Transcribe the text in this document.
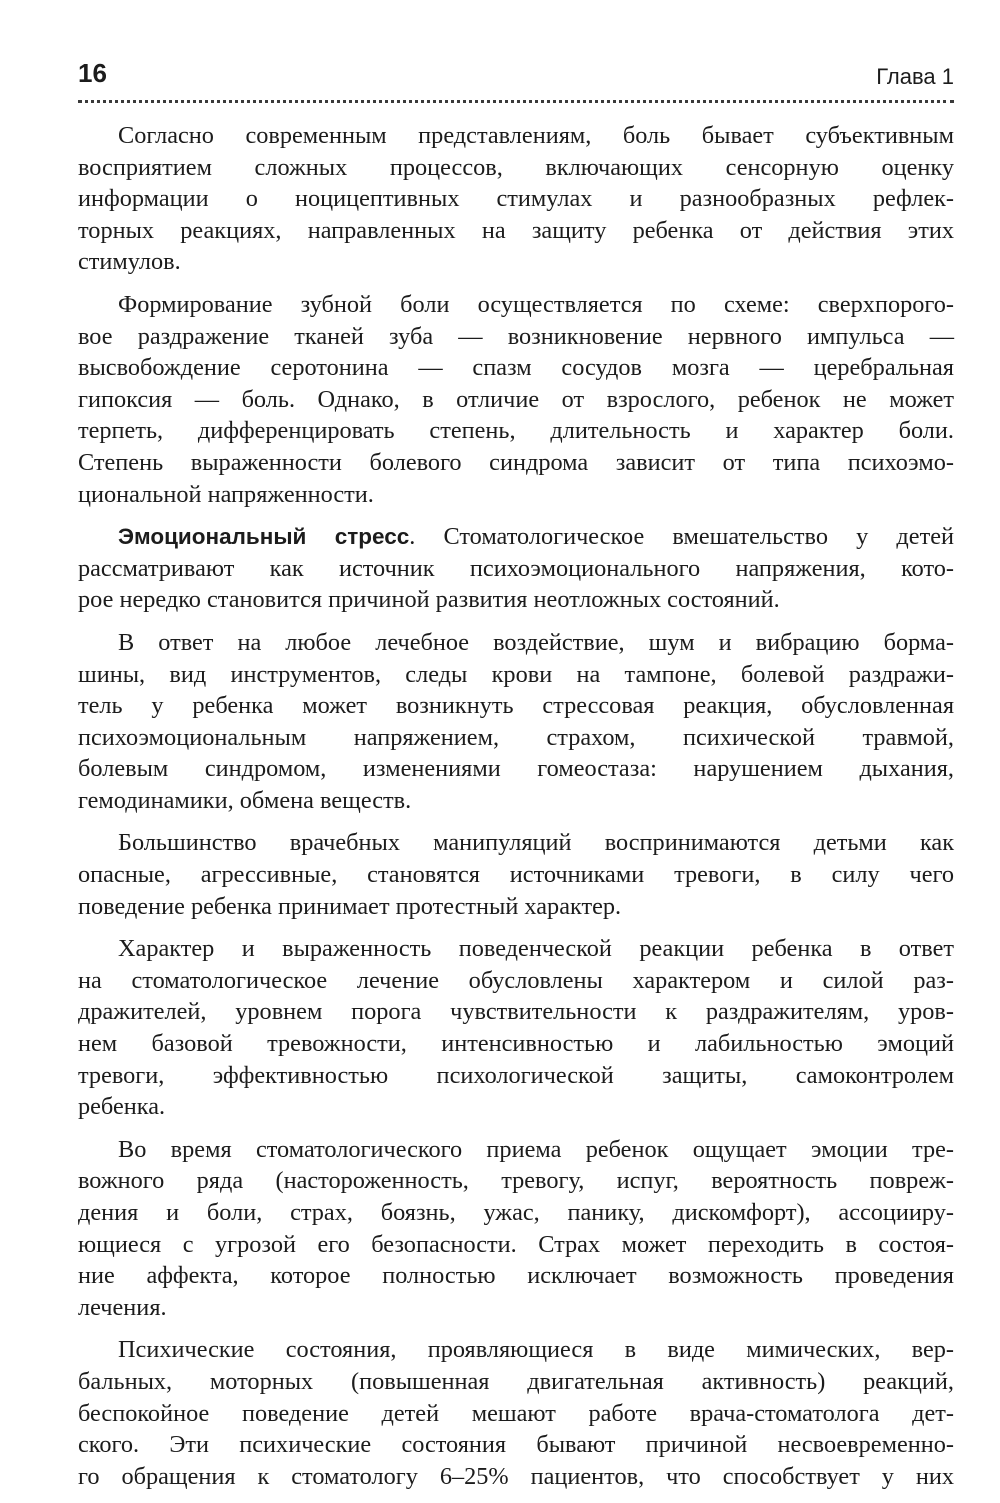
16	Глава 1
Согласно современным представлениям, боль бывает субъективным
восприятием сложных процессов, включающих сенсорную оценку
информации о ноцицептивных стимулах и разнообразных рефлек-
торных реакциях, направленных на защиту ребенка от действия этих
стимулов.
Формирование зубной боли осуществляется по схеме: сверхпорого-
вое раздражение тканей зуба — возникновение нервного импульса —
высвобождение серотонина — спазм сосудов мозга — церебральная
гипоксия — боль. Однако, в отличие от взрослого, ребенок не может
терпеть, дифференцировать степень, длительность и характер боли.
Степень выраженности болевого синдрома зависит от типа психоэмо-
циональной напряженности.
Эмоциональный стресс. Стоматологическое вмешательство у детей
рассматривают как источник психоэмоционального напряжения, кото-
рое нередко становится причиной развития неотложных состояний.
В ответ на любое лечебное воздействие, шум и вибрацию борма-
шины, вид инструментов, следы крови на тампоне, болевой раздражи-
тель у ребенка может возникнуть стрессовая реакция, обусловленная
психоэмоциональным напряжением, страхом, психической травмой,
болевым синдромом, изменениями гомеостаза: нарушением дыхания,
гемодинамики, обмена веществ.
Большинство врачебных манипуляций воспринимаются детьми как
опасные, агрессивные, становятся источниками тревоги, в силу чего
поведение ребенка принимает протестный характер.
Характер и выраженность поведенческой реакции ребенка в ответ
на стоматологическое лечение обусловлены характером и силой раз-
дражителей, уровнем порога чувствительности к раздражителям, уров-
нем базовой тревожности, интенсивностью и лабильностью эмоций
тревоги, эффективностью психологической защиты, самоконтролем
ребенка.
Во время стоматологического приема ребенок ощущает эмоции тре-
вожного ряда (настороженность, тревогу, испуг, вероятность повреж-
дения и боли, страх, боязнь, ужас, панику, дискомфорт), ассоцииру-
ющиеся с угрозой его безопасности. Страх может переходить в состоя-
ние аффекта, которое полностью исключает возможность проведения
лечения.
Психические состояния, проявляющиеся в виде мимических, вер-
бальных, моторных (повышенная двигательная активность) реакций,
беспокойное поведение детей мешают работе врача-стоматолога дет-
ского. Эти психические состояния бывают причиной несвоевременно-
го обращения к стоматологу 6–25% пациентов, что способствует у них
